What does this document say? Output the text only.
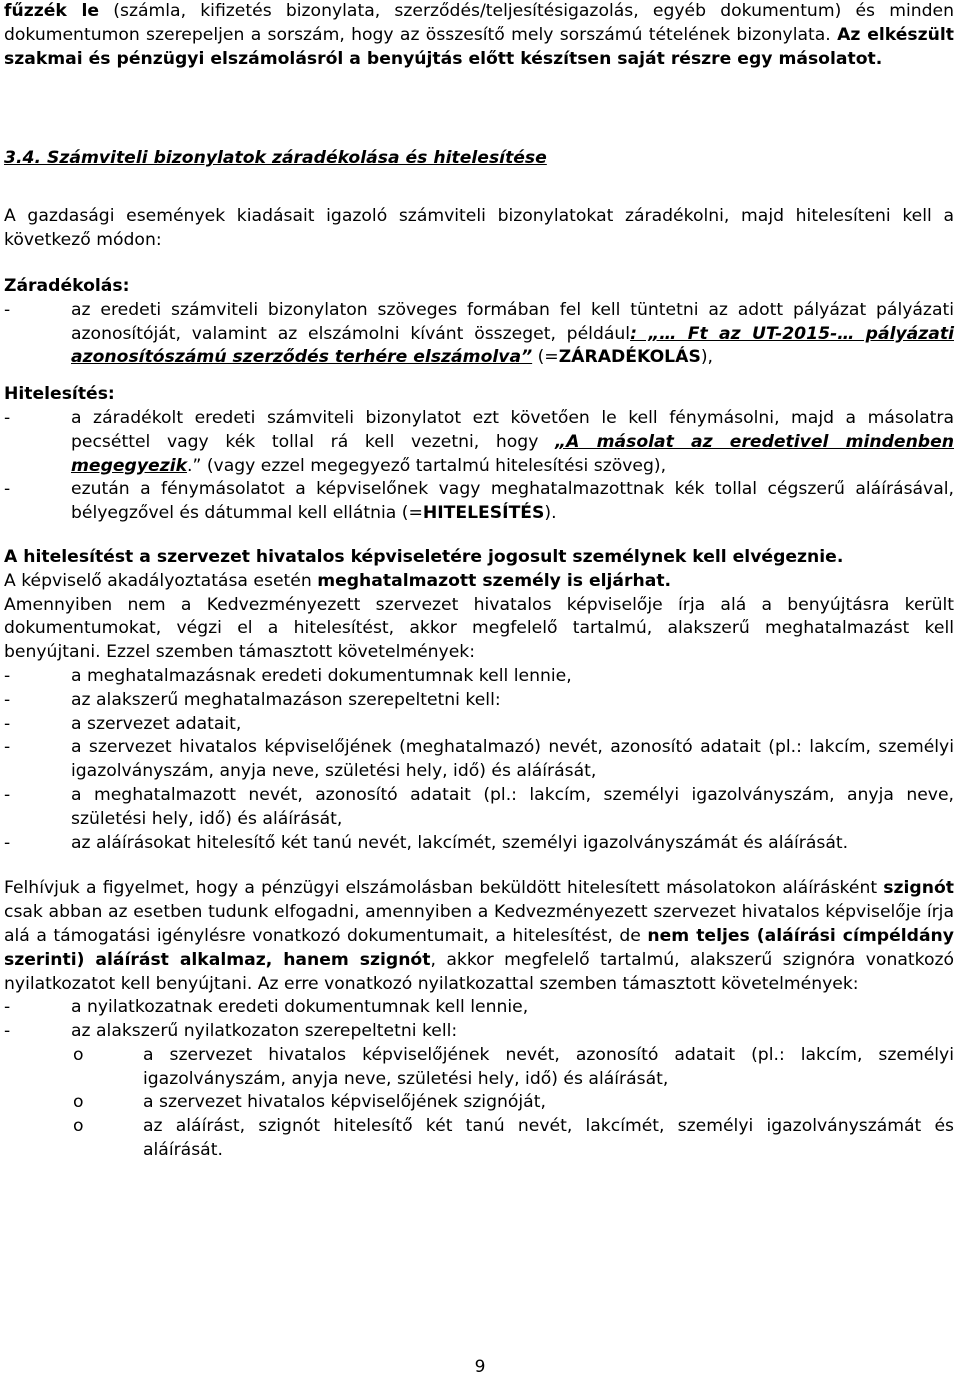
fűzzék le (számla, kifizetés bizonylata, szerződés/teljesítésigazolás, egyéb dokumentum) és minden dokumentumon szerepeljen a sorszám, hogy az összesítő mely sorszámú tételének bizonylata. Az elkészült szakmai és pénzügyi elszámolásról a benyújtás előtt készítsen saját részre egy másolatot.

3.4. Számviteli bizonylatok záradékolása és hitelesítése

A gazdasági események kiadásait igazoló számviteli bizonylatokat záradékolni, majd hitelesíteni kell a következő módon:

Záradékolás:

-	az eredeti számviteli bizonylaton szöveges formában fel kell tüntetni az adott pályázat pályázati azonosítóját, valamint az elszámolni kívánt összeget, például: „… Ft az UT-2015-… pályázati azonosítószámú szerződés terhére elszámolva” (=ZÁRADÉKOLÁS),

Hitelesítés:

-	a záradékolt eredeti számviteli bizonylatot ezt követően le kell fénymásolni, majd a másolatra pecséttel vagy kék tollal rá kell vezetni, hogy „A másolat az eredetivel mindenben megegyezik.” (vagy ezzel megegyező tartalmú hitelesítési szöveg),
-	ezután a fénymásolatot a képviselőnek vagy meghatalmazottnak kék tollal cégszerű aláírásával, bélyegzővel és dátummal kell ellátnia (=HITELESÍTÉS).

A hitelesítést a szervezet hivatalos képviseletére jogosult személynek kell elvégeznie.

A képviselő akadályoztatása esetén meghatalmazott személy is eljárhat.

Amennyiben nem a Kedvezményezett szervezet hivatalos képviselője írja alá a benyújtásra került dokumentumokat, végzi el a hitelesítést, akkor megfelelő tartalmú, alakszerű meghatalmazást kell benyújtani. Ezzel szemben támasztott követelmények:

-	a meghatalmazásnak eredeti dokumentumnak kell lennie,
-	az alakszerű meghatalmazáson szerepeltetni kell:
-	a szervezet adatait,
-	a szervezet hivatalos képviselőjének (meghatalmazó) nevét, azonosító adatait (pl.: lakcím, személyi igazolványszám, anyja neve, születési hely, idő) és aláírását,
-	a meghatalmazott nevét, azonosító adatait (pl.: lakcím, személyi igazolványszám, anyja neve, születési hely, idő) és aláírását,
-	az aláírásokat hitelesítő két tanú nevét, lakcímét, személyi igazolványszámát és aláírását.

Felhívjuk a figyelmet, hogy a pénzügyi elszámolásban beküldött hitelesített másolatokon aláírásként szignót csak abban az esetben tudunk elfogadni, amennyiben a Kedvezményezett szervezet hivatalos képviselője írja alá a támogatási igénylésre vonatkozó dokumentumait, a hitelesítést, de nem teljes (aláírási címpéldány szerinti) aláírást alkalmaz, hanem szignót, akkor megfelelő tartalmú, alakszerű szignóra vonatkozó nyilatkozatot kell benyújtani. Az erre vonatkozó nyilatkozattal szemben támasztott követelmények:

-	a nyilatkozatnak eredeti dokumentumnak kell lennie,
-	az alakszerű nyilatkozaton szerepeltetni kell:
o	a szervezet hivatalos képviselőjének nevét, azonosító adatait (pl.: lakcím, személyi igazolványszám, anyja neve, születési hely, idő) és aláírását,
o	a szervezet hivatalos képviselőjének szignóját,
o	az aláírást, szignót hitelesítő két tanú nevét, lakcímét, személyi igazolványszámát és aláírását.
9
